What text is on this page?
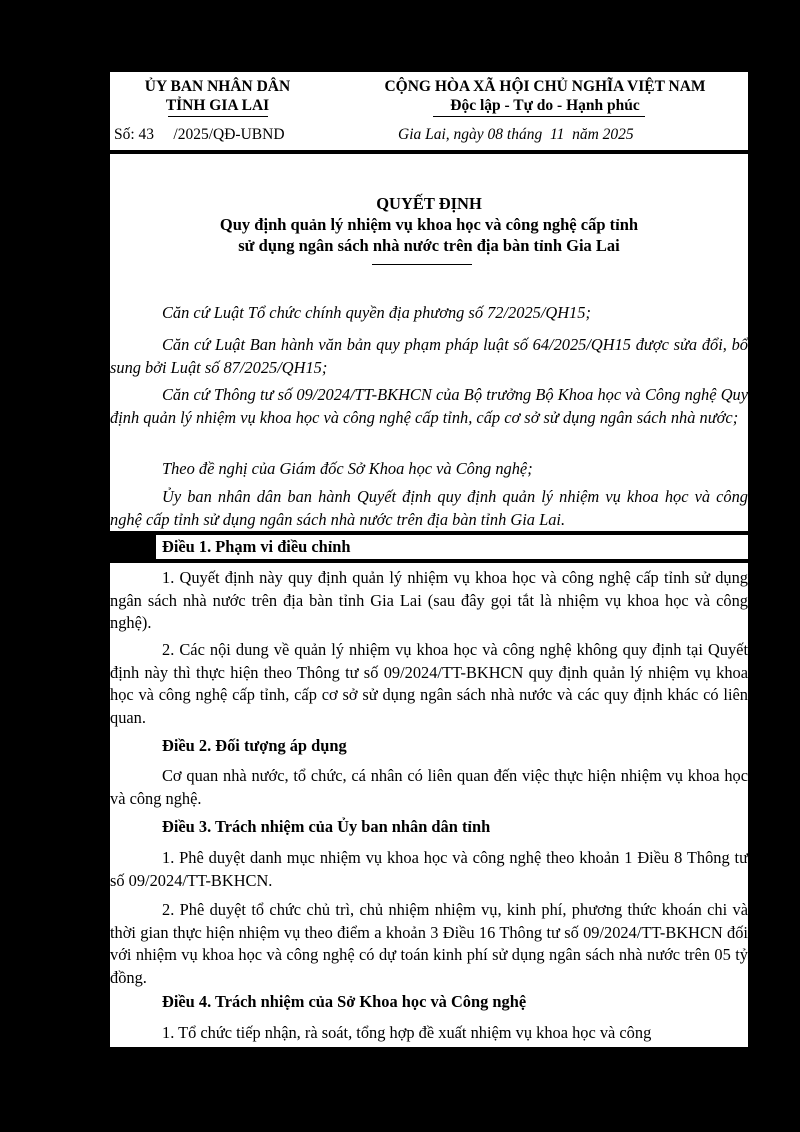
ỦY BAN NHÂN DÂN
TỈNH GIA LAI
CỘNG HÒA XÃ HỘI CHỦ NGHĨA VIỆT NAM
Độc lập - Tự do - Hạnh phúc
Số: 43     /2025/QĐ-UBND	Gia Lai, ngày 08 tháng  11  năm 2025
QUYẾT ĐỊNH
Quy định quản lý nhiệm vụ khoa học và công nghệ cấp tỉnh
sử dụng ngân sách nhà nước trên địa bàn tỉnh Gia Lai

Căn cứ Luật Tổ chức chính quyền địa phương số 72/2025/QH15;

Căn cứ Luật Ban hành văn bản quy phạm pháp luật số 64/2025/QH15 được sửa đổi, bổ sung bởi Luật số 87/2025/QH15;

Căn cứ Thông tư số 09/2024/TT-BKHCN của Bộ trưởng Bộ Khoa học và Công nghệ Quy định quản lý nhiệm vụ khoa học và công nghệ cấp tỉnh, cấp cơ sở sử dụng ngân sách nhà nước;

Theo đề nghị của Giám đốc Sở Khoa học và Công nghệ;

Ủy ban nhân dân ban hành Quyết định quy định quản lý nhiệm vụ khoa học và công nghệ cấp tỉnh sử dụng ngân sách nhà nước trên địa bàn tỉnh Gia Lai.

Điều 1. Phạm vi điều chỉnh

1. Quyết định này quy định quản lý nhiệm vụ khoa học và công nghệ cấp tỉnh sử dụng ngân sách nhà nước trên địa bàn tỉnh Gia Lai (sau đây gọi tắt là nhiệm vụ khoa học và công nghệ).

2. Các nội dung về quản lý nhiệm vụ khoa học và công nghệ không quy định tại Quyết định này thì thực hiện theo Thông tư số 09/2024/TT-BKHCN quy định quản lý nhiệm vụ khoa học và công nghệ cấp tỉnh, cấp cơ sở sử dụng ngân sách nhà nước và các quy định khác có liên quan.

Điều 2. Đối tượng áp dụng

Cơ quan nhà nước, tổ chức, cá nhân có liên quan đến việc thực hiện nhiệm vụ khoa học và công nghệ.

Điều 3. Trách nhiệm của Ủy ban nhân dân tỉnh

1. Phê duyệt danh mục nhiệm vụ khoa học và công nghệ theo khoản 1 Điều 8 Thông tư số 09/2024/TT-BKHCN.

2. Phê duyệt tổ chức chủ trì, chủ nhiệm nhiệm vụ, kinh phí, phương thức khoán chi và thời gian thực hiện nhiệm vụ theo điểm a khoản 3 Điều 16 Thông tư số 09/2024/TT-BKHCN đối với nhiệm vụ khoa học và công nghệ có dự toán kinh phí sử dụng ngân sách nhà nước trên 05 tỷ đồng.

Điều 4. Trách nhiệm của Sở Khoa học và Công nghệ

1. Tổ chức tiếp nhận, rà soát, tổng hợp đề xuất nhiệm vụ khoa học và công
